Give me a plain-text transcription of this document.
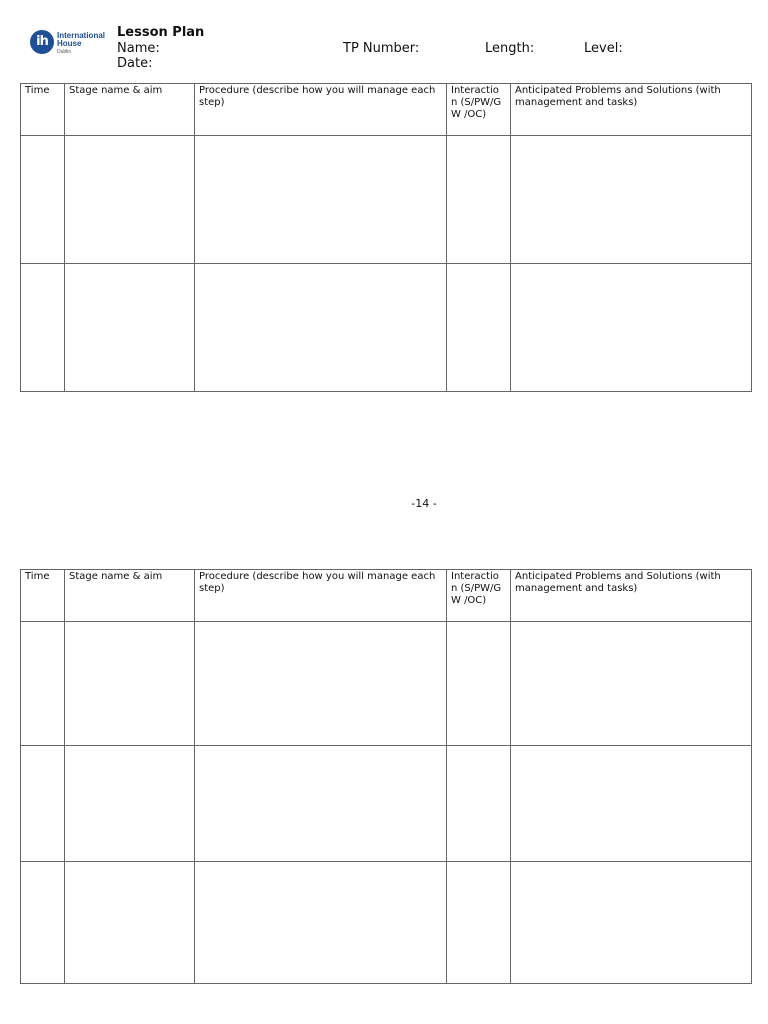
ih	International
House
Dublin
Lesson Plan
Name:
Date:
TP Number:	Length:	Level:
Time	Stage name & aim	Procedure (describe how you will manage each step)	Interactio n (S/PW/G W /OC)	Anticipated Problems and Solutions (with management and tasks)

-14 -
Time	Stage name & aim	Procedure (describe how you will manage each step)	Interactio n (S/PW/G W /OC)	Anticipated Problems and Solutions (with management and tasks)
